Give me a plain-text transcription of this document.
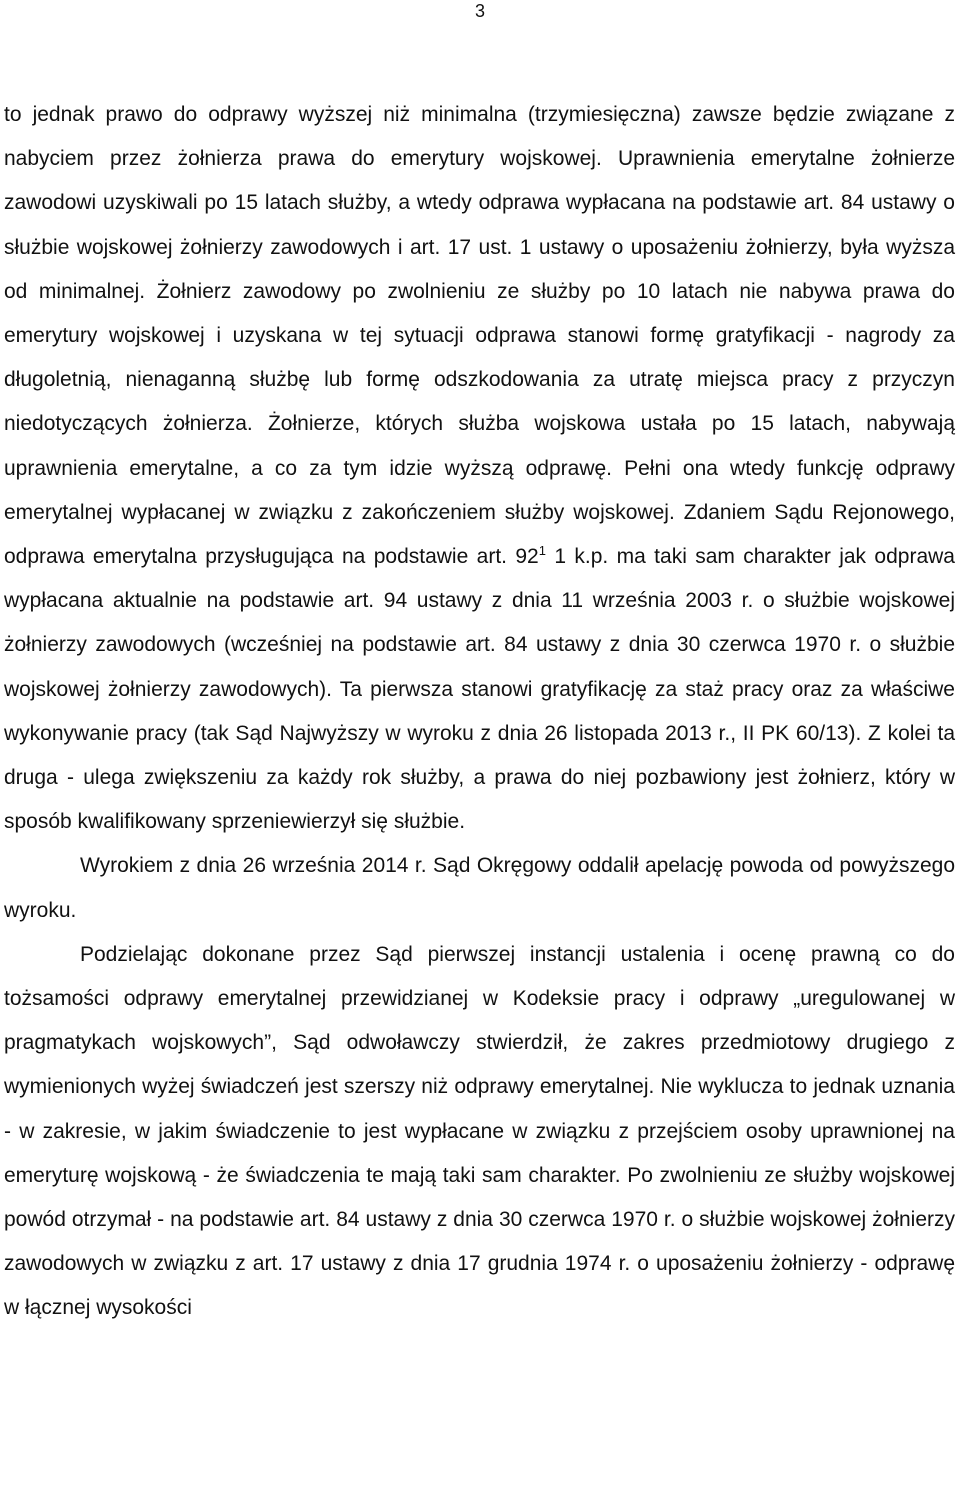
3

to jednak prawo do odprawy wyższej niż minimalna (trzymiesięczna) zawsze będzie związane z nabyciem przez żołnierza prawa do emerytury wojskowej. Uprawnienia emerytalne żołnierze zawodowi uzyskiwali po 15 latach służby, a wtedy odprawa wypłacana na podstawie art. 84 ustawy o służbie wojskowej żołnierzy zawodowych i art. 17 ust. 1 ustawy o uposażeniu żołnierzy, była wyższa od minimalnej. Żołnierz zawodowy po zwolnieniu ze służby po 10 latach nie nabywa prawa do emerytury wojskowej i uzyskana w tej sytuacji odprawa stanowi formę gratyfikacji - nagrody za długoletnią, nienaganną służbę lub formę odszkodowania za utratę miejsca pracy z przyczyn niedotyczących żołnierza. Żołnierze, których służba wojskowa ustała po 15 latach, nabywają uprawnienia emerytalne, a co za tym idzie wyższą odprawę. Pełni ona wtedy funkcję odprawy emerytalnej wypłacanej w związku z zakończeniem służby wojskowej. Zdaniem Sądu Rejonowego, odprawa emerytalna przysługująca na podstawie art. $92^1$ 1 k.p. ma taki sam charakter jak odprawa wypłacana aktualnie na podstawie art. 94 ustawy z dnia 11 września 2003 r. o służbie wojskowej żołnierzy zawodowych (wcześniej na podstawie art. 84 ustawy z dnia 30 czerwca 1970 r. o służbie wojskowej żołnierzy zawodowych). Ta pierwsza stanowi gratyfikację za staż pracy oraz za właściwe wykonywanie pracy (tak Sąd Najwyższy w wyroku z dnia 26 listopada 2013 r., II PK 60/13). Z kolei ta druga - ulega zwiększeniu za każdy rok służby, a prawa do niej pozbawiony jest żołnierz, który w sposób kwalifikowany sprzeniewierzył się służbie.

Wyrokiem z dnia 26 września 2014 r. Sąd Okręgowy oddalił apelację powoda od powyższego wyroku.

Podzielając dokonane przez Sąd pierwszej instancji ustalenia i ocenę prawną co do tożsamości odprawy emerytalnej przewidzianej w Kodeksie pracy i odprawy „uregulowanej w pragmatykach wojskowych”, Sąd odwoławczy stwierdził, że zakres przedmiotowy drugiego z wymienionych wyżej świadczeń jest szerszy niż odprawy emerytalnej. Nie wyklucza to jednak uznania - w zakresie, w jakim świadczenie to jest wypłacane w związku z przejściem osoby uprawnionej na emeryturę wojskową - że świadczenia te mają taki sam charakter. Po zwolnieniu ze służby wojskowej powód otrzymał - na podstawie art. 84 ustawy z dnia 30 czerwca 1970 r. o służbie wojskowej żołnierzy zawodowych w związku z art. 17 ustawy z dnia 17 grudnia 1974 r. o uposażeniu żołnierzy - odprawę w łącznej wysokości
